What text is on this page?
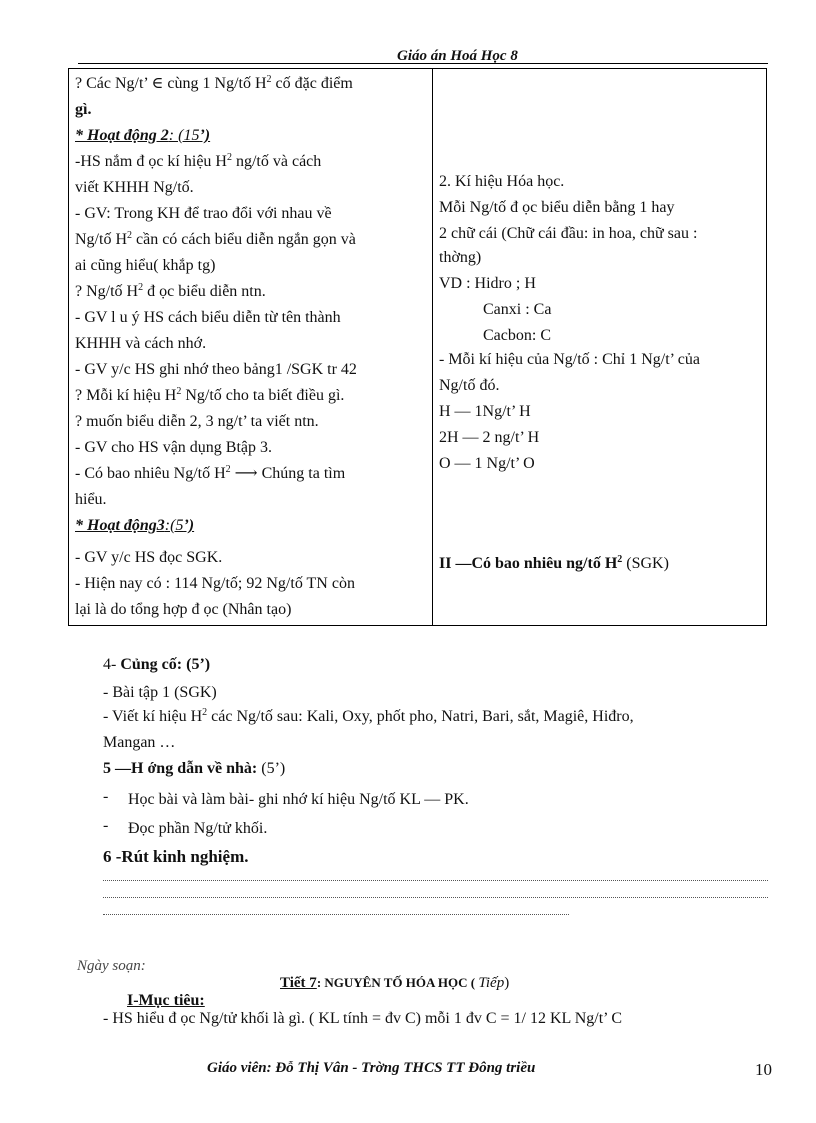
Giáo án Hoá Học 8
? Các Ng/t’ ∈ cùng 1 Ng/tố $H^2$ cố đặc điểm
gì.
* Hoạt động 2: (15’)
-HS nắm đ ọc kí hiệu $H^2$ ng/tố và cách
viết KHHH Ng/tố.
- GV: Trong KH để trao đổi với nhau về
Ng/tố $H^2$ cần có cách biểu diễn ngắn gọn và
ai cũng hiểu( khắp tg)
? Ng/tố $H^2$ đ ọc biểu diễn ntn.
- GV l u ý HS cách biểu diễn từ tên thành
KHHH và cách nhớ.
- GV y/c HS ghi nhớ theo bảng1 /SGK tr 42
? Mỗi kí hiệu $H^2$ Ng/tố cho ta biết điều gì.
? muốn biểu diễn 2, 3 ng/t’ ta viết ntn.
- GV cho HS vận dụng Btập 3.
- Có bao nhiêu Ng/tố $H^2$ ⟶ Chúng ta tìm
hiểu.
* Hoạt động3:(5’)
- GV y/c HS đọc SGK.
- Hiện nay có : 114 Ng/tố; 92 Ng/tố TN còn
lại là do tổng hợp đ ọc (Nhân tạo)

2. Kí hiệu Hóa học.
Mỗi Ng/tố đ ọc biểu diễn bằng 1 hay
2 chữ cái (Chữ cái đầu: in hoa, chữ sau :
thờng)
VD : Hidro ; H
Canxi : Ca
Cacbon: C
- Mỗi kí hiệu của Ng/tố : Chỉ 1 Ng/t’ của
Ng/tố đó.
H — 1Ng/t’ H
2H — 2 ng/t’ H
O — 1 Ng/t’ O
II —Có bao nhiêu ng/tố $H^2$ (SGK)
4- Củng cố: (5’)
- Bài tập 1 (SGK)
- Viết kí hiệu $H^2$ các Ng/tố sau: Kali, Oxy, phốt pho, Natri, Bari, sắt, Magiê, Hiđro,
Mangan …
5 —H ớng dẫn về nhà: (5’)
- Học bài và làm bài- ghi nhớ kí hiệu Ng/tố KL — PK.
- Đọc phần Ng/tử khối.
6 -Rút kinh nghiệm.
Ngày soạn:
Tiết 7: NGUYÊN TỐ HÓA HỌC ( Tiếp)
I-Mục tiêu:
- HS hiểu đ ọc Ng/tử khối là gì. ( KL tính = đv C) mỗi 1 đv C = 1/ 12 KL Ng/t’ C
Giáo viên: Đỗ Thị Vân - Trờng THCS TT Đông triều	10
